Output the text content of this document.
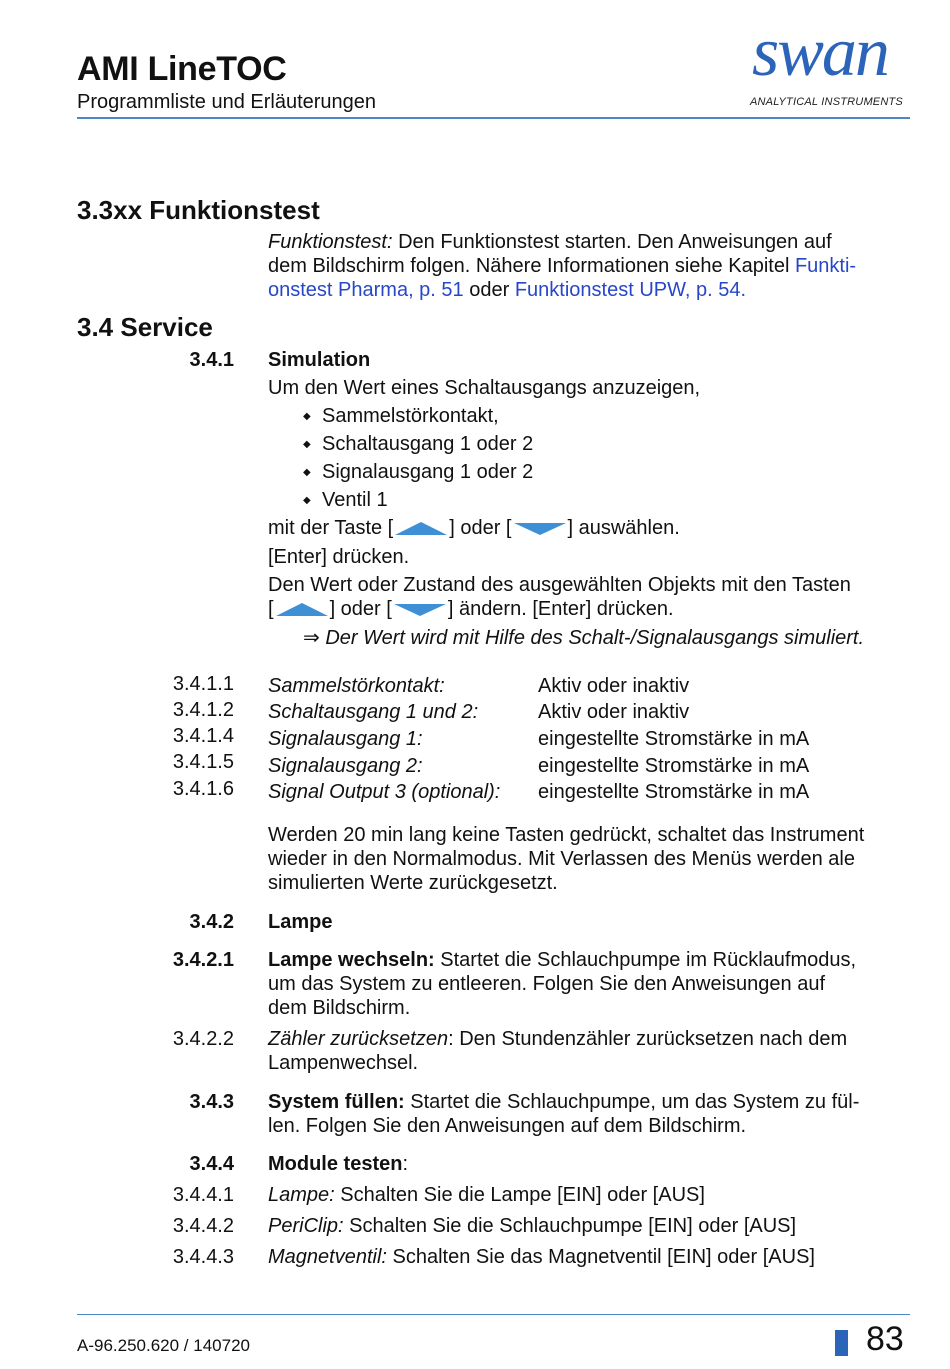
AMI LineTOC
Programmliste und Erläuterungen
swan
ANALYTICAL INSTRUMENTS
3.3xx Funktionstest
Funktionstest: Den Funktionstest starten. Den Anweisungen auf
dem Bildschirm folgen. Nähere Informationen siehe Kapitel Funkti-
onstest Pharma, p. 51 oder Funktionstest UPW, p. 54.
3.4 Service
3.4.1 Simulation
Um den Wert eines Schaltausgangs anzuzeigen,
◆ Sammelstörkontakt,
◆ Schaltausgang 1 oder 2
◆ Signalausgang 1 oder 2
◆ Ventil 1
mit der Taste [	] oder [	] auswählen.
[Enter] drücken.
Den Wert oder Zustand des ausgewählten Objekts mit den Tasten
[	] oder [	] ändern. [Enter] drücken.
⇒ Der Wert wird mit Hilfe des Schalt-/Signalausgangs simuliert.
3.4.1.1 Sammelstörkontakt:	Aktiv oder inaktiv
3.4.1.2 Schaltausgang 1 und 2:	Aktiv oder inaktiv
3.4.1.4 Signalausgang 1:	eingestellte Stromstärke in mA
3.4.1.5 Signalausgang 2:	eingestellte Stromstärke in mA
3.4.1.6 Signal Output 3 (optional): eingestellte Stromstärke in mA
Werden 20 min lang keine Tasten gedrückt, schaltet das Instrument
wieder in den Normalmodus. Mit Verlassen des Menüs werden ale
simulierten Werte zurückgesetzt.
3.4.2 Lampe
3.4.2.1 Lampe wechseln: Startet die Schlauchpumpe im Rücklaufmodus,
um das System zu entleeren. Folgen Sie den Anweisungen auf
dem Bildschirm.
3.4.2.2 Zähler zurücksetzen: Den Stundenzähler zurücksetzen nach dem
Lampenwechsel.
3.4.3 System füllen: Startet die Schlauchpumpe, um das System zu fül-
len. Folgen Sie den Anweisungen auf dem Bildschirm.
3.4.4 Module testen:
3.4.4.1 Lampe: Schalten Sie die Lampe [EIN] oder [AUS]
3.4.4.2 PeriClip: Schalten Sie die Schlauchpumpe [EIN] oder [AUS]
3.4.4.3 Magnetventil: Schalten Sie das Magnetventil [EIN] oder [AUS]
A-96.250.620 / 140720	83
